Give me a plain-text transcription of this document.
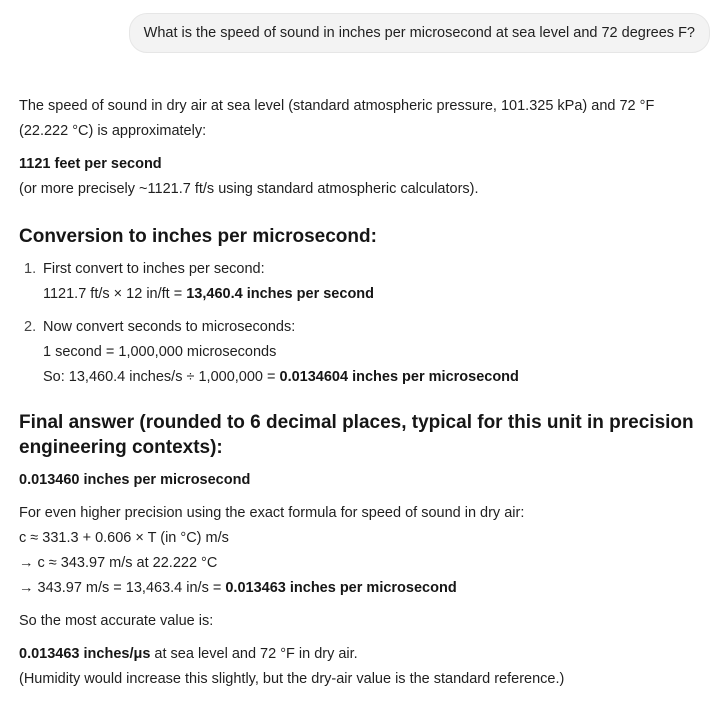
What is the speed of sound in inches per microsecond at sea level and 72 degrees F?

The speed of sound in dry air at sea level (standard atmospheric pressure, 101.325 kPa) and 72 °F

(22.222 °C) is approximately:

1121 feet per second

(or more precisely ~1121.7 ft/s using standard atmospheric calculators).

Conversion to inches per microsecond:
1. First convert to inches per second:
1121.7 ft/s × 12 in/ft = 13,460.4 inches per second
2. Now convert seconds to microseconds:
1 second = 1,000,000 microseconds
So: 13,460.4 inches/s ÷ 1,000,000 = 0.0134604 inches per microsecond
Final answer (rounded to 6 decimal places, typical for this unit in precision
engineering contexts):

0.013460 inches per microsecond

For even higher precision using the exact formula for speed of sound in dry air:

c ≈ 331.3 + 0.606 × T (in °C) m/s

→ c ≈ 343.97 m/s at 22.222 °C

→ 343.97 m/s = 13,463.4 in/s = 0.013463 inches per microsecond

So the most accurate value is:

0.013463 inches/μs at sea level and 72 °F in dry air.

(Humidity would increase this slightly, but the dry-air value is the standard reference.)
